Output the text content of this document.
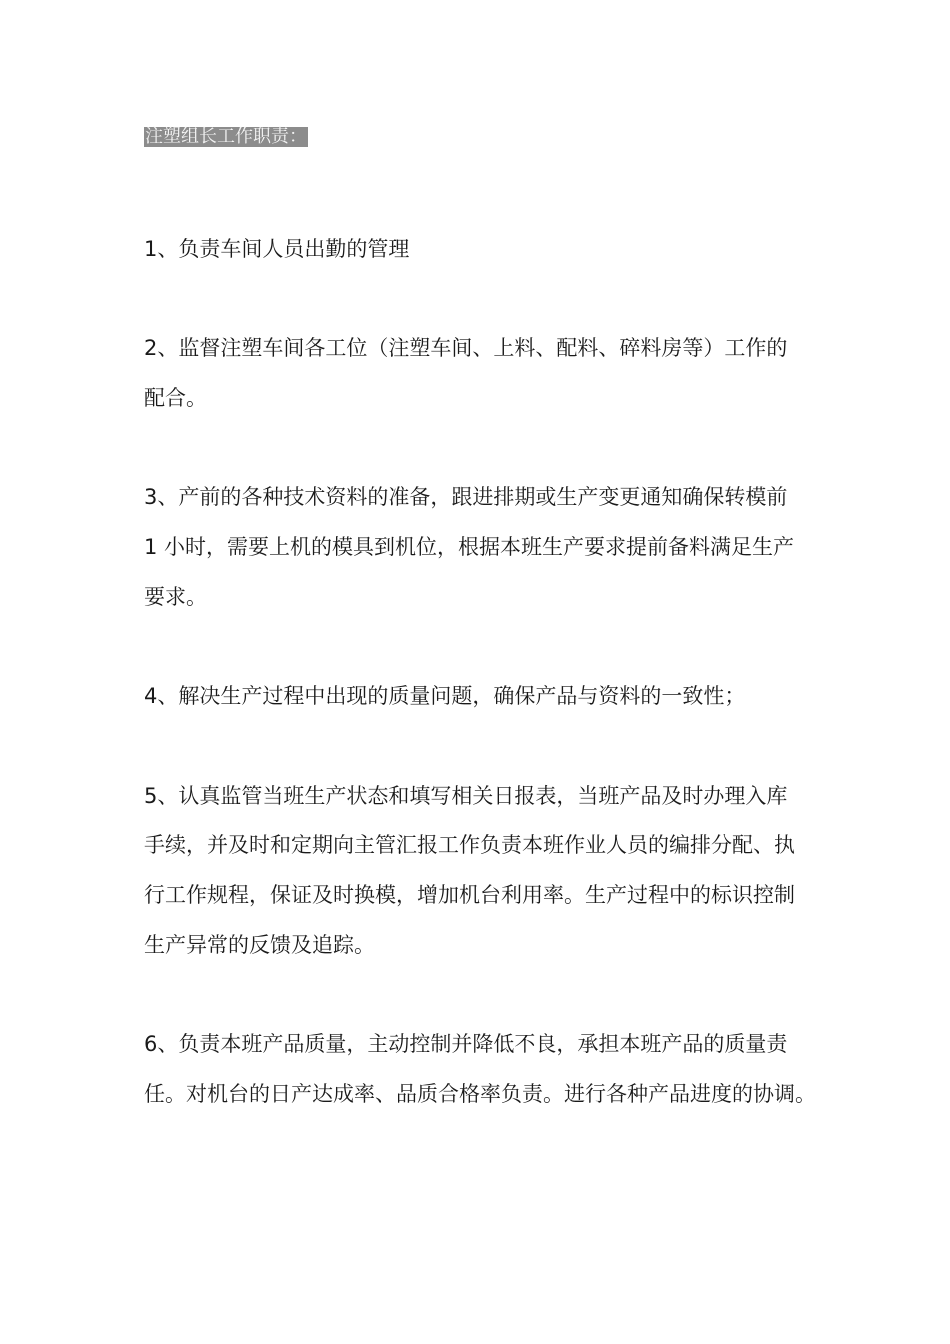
注塑组长工作职责：

1、负责车间人员出勤的管理

2、监督注塑车间各工位（注塑车间、上料、配料、碎料房等）工作的
配合。

3、产前的各种技术资料的准备，跟进排期或生产变更通知确保转模前
1 小时，需要上机的模具到机位，根据本班生产要求提前备料满足生产
要求。

4、解决生产过程中出现的质量问题，确保产品与资料的一致性；

5、认真监管当班生产状态和填写相关日报表，当班产品及时办理入库
手续，并及时和定期向主管汇报工作负责本班作业人员的编排分配、执
行工作规程，保证及时换模，增加机台利用率。生产过程中的标识控制
生产异常的反馈及追踪。

6、负责本班产品质量，主动控制并降低不良，承担本班产品的质量责
任。对机台的日产达成率、品质合格率负责。进行各种产品进度的协调。
